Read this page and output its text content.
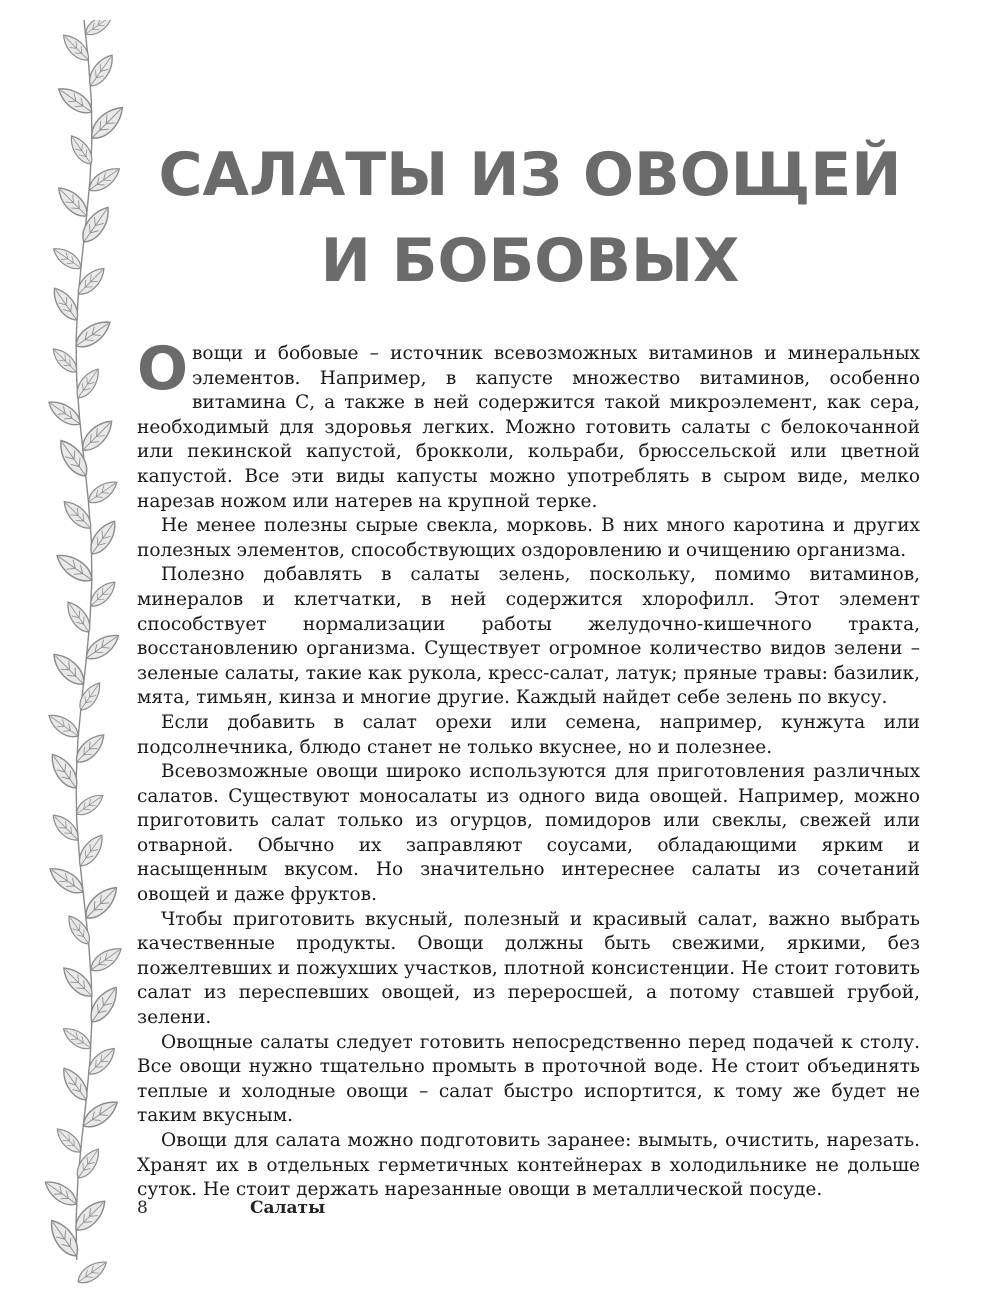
САЛАТЫ ИЗ ОВОЩЕЙ
И БОБОВЫХ

Овощи и бобовые – источник всевозможных витаминов и минеральных элементов. Например, в капусте множество витаминов, особенно витамина С, а также в ней содержится такой микроэлемент, как сера, необходимый для здоровья легких. Можно готовить салаты с белокочанной или пекинской капустой, брокколи, кольраби, брюссельской или цветной капустой. Все эти виды капусты можно употреблять в сыром виде, мелко нарезав ножом или натерев на крупной терке.

Не менее полезны сырые свекла, морковь. В них много каротина и других полезных элементов, способствующих оздоровлению и очищению организма.

Полезно добавлять в салаты зелень, поскольку, помимо витаминов, минералов и клетчатки, в ней содержится хлорофилл. Этот элемент способствует нормализации работы желудочно-кишечного тракта, восстановлению организма. Существует огромное количество видов зелени – зеленые салаты, такие как рукола, кресс-салат, латук; пряные травы: базилик, мята, тимьян, кинза и многие другие. Каждый найдет себе зелень по вкусу.

Если добавить в салат орехи или семена, например, кунжута или подсолнечника, блюдо станет не только вкуснее, но и полезнее.

Всевозможные овощи широко используются для приготовления различных салатов. Существуют моносалаты из одного вида овощей. Например, можно приготовить салат только из огурцов, помидоров или свеклы, свежей или отварной. Обычно их заправляют соусами, обладающими ярким и насыщенным вкусом. Но значительно интереснее салаты из сочетаний овощей и даже фруктов.

Чтобы приготовить вкусный, полезный и красивый салат, важно выбрать качественные продукты. Овощи должны быть свежими, яркими, без пожелтевших и пожухших участков, плотной консистенции. Не стоит готовить салат из переспевших овощей, из переросшей, а потому ставшей грубой, зелени.

Овощные салаты следует готовить непосредственно перед подачей к столу. Все овощи нужно тщательно промыть в проточной воде. Не стоит объединять теплые и холодные овощи – салат быстро испортится, к тому же будет не таким вкусным.

Овощи для салата можно подготовить заранее: вымыть, очистить, нарезать. Хранят их в отдельных герметичных контейнерах в холодильнике не дольше суток. Не стоит держать нарезанные овощи в металлической посуде.

8	Салаты
